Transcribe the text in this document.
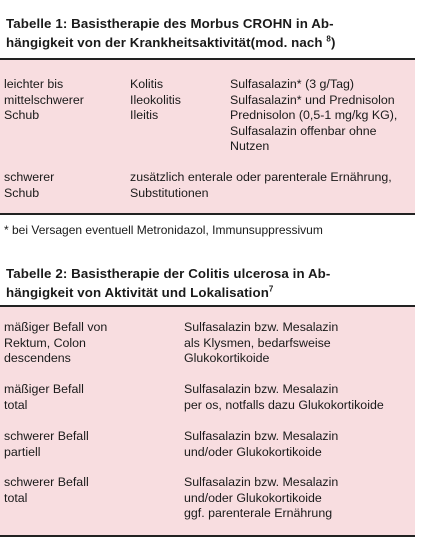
Tabelle 1: Basistherapie des Morbus CROHN in Ab-
hängigkeit von der Krankheitsaktivität(mod. nach $^8$)
leichter bis
mittelschwerer
Schub
Kolitis
Ileokolitis
Ileitis
Sulfasalazin* (3 g/Tag)
Sulfasalazin* und Prednisolon
Prednisolon (0,5-1 mg/kg KG),
Sulfasalazin offenbar ohne
Nutzen
schwerer
Schub
zusätzlich enterale oder parenterale Ernährung,
Substitutionen
* bei Versagen eventuell Metronidazol, Immunsuppressivum
Tabelle 2: Basistherapie der Colitis ulcerosa in Ab-
hängigkeit von Aktivität und Lokalisation$^7$
mäßiger Befall von
Rektum, Colon
descendens
Sulfasalazin bzw. Mesalazin
als Klysmen, bedarfsweise
Glukokortikoide
mäßiger Befall
total
Sulfasalazin bzw. Mesalazin
per os, notfalls dazu Glukokortikoide
schwerer Befall
partiell
Sulfasalazin bzw. Mesalazin
und/oder Glukokortikoide
schwerer Befall
total
Sulfasalazin bzw. Mesalazin
und/oder Glukokortikoide
ggf. parenterale Ernährung
